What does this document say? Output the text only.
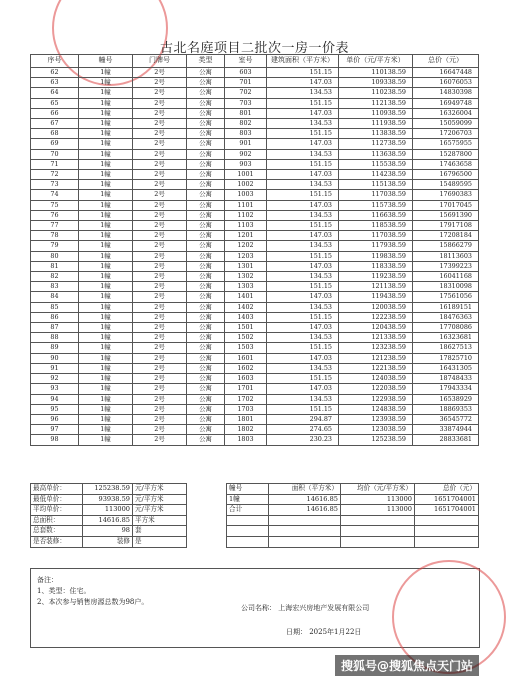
古北名庭项目二批次一房一价表
序号	幢号	门牌号	类型	室号	建筑面积（平方米）	单价（元/平方米）	总价（元）
62	1幢	2号	公寓	603	151.15	110138.59	16647448
63	1幢	2号	公寓	701	147.03	109338.59	16076053
64	1幢	2号	公寓	702	134.53	110238.59	14830398
65	1幢	2号	公寓	703	151.15	112138.59	16949748
66	1幢	2号	公寓	801	147.03	110938.59	16326004
67	1幢	2号	公寓	802	134.53	111938.59	15059099
68	1幢	2号	公寓	803	151.15	113838.59	17206703
69	1幢	2号	公寓	901	147.03	112738.59	16575955
70	1幢	2号	公寓	902	134.53	113638.59	15287800
71	1幢	2号	公寓	903	151.15	115538.59	17463658
72	1幢	2号	公寓	1001	147.03	114238.59	16796500
73	1幢	2号	公寓	1002	134.53	115138.59	15489595
74	1幢	2号	公寓	1003	151.15	117038.59	17690383
75	1幢	2号	公寓	1101	147.03	115738.59	17017045
76	1幢	2号	公寓	1102	134.53	116638.59	15691390
77	1幢	2号	公寓	1103	151.15	118538.59	17917108
78	1幢	2号	公寓	1201	147.03	117038.59	17208184
79	1幢	2号	公寓	1202	134.53	117938.59	15866279
80	1幢	2号	公寓	1203	151.15	119838.59	18113603
81	1幢	2号	公寓	1301	147.03	118338.59	17399223
82	1幢	2号	公寓	1302	134.53	119238.59	16041168
83	1幢	2号	公寓	1303	151.15	121138.59	18310098
84	1幢	2号	公寓	1401	147.03	119438.59	17561056
85	1幢	2号	公寓	1402	134.53	120038.59	16189151
86	1幢	2号	公寓	1403	151.15	122238.59	18476363
87	1幢	2号	公寓	1501	147.03	120438.59	17708086
88	1幢	2号	公寓	1502	134.53	121338.59	16323681
89	1幢	2号	公寓	1503	151.15	123238.59	18627513
90	1幢	2号	公寓	1601	147.03	121238.59	17825710
91	1幢	2号	公寓	1602	134.53	122138.59	16431305
92	1幢	2号	公寓	1603	151.15	124038.59	18748433
93	1幢	2号	公寓	1701	147.03	122038.59	17943334
94	1幢	2号	公寓	1702	134.53	122938.59	16538929
95	1幢	2号	公寓	1703	151.15	124838.59	18869353
96	1幢	2号	公寓	1801	294.87	123938.59	36545772
97	1幢	2号	公寓	1802	274.65	123038.59	33874944
98	1幢	2号	公寓	1803	230.23	125238.59	28833681
最高单价：	125238.59	元/平方米		幢号	面积（平方米）	均价（元/平方米）	总价（元）
最低单价：	93938.59	元/平方米		1幢	14616.85	113000	1651704001
平均单价：	113000	元/平方米		合计	14616.85	113000	1651704001
总面积：	14616.85	平方米					
总套数：	98	套					
是否装修：	装修	是					
备注：
1、类型：住宅。
2、本次参与销售房源总数为98户。
公司名称： 上海宏兴房地产发展有限公司
日期： 2025年1月22日
搜狐号@搜狐焦点天门站
